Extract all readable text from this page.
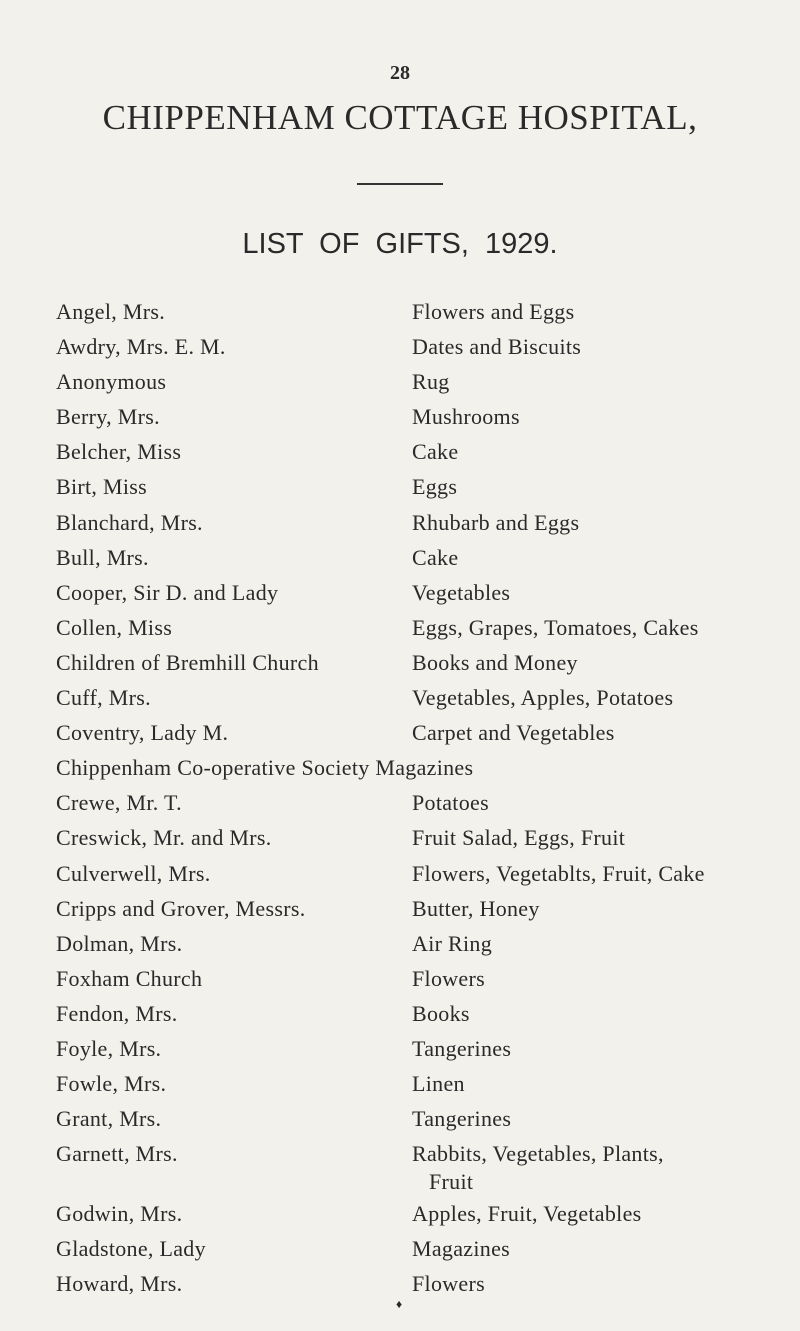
28
CHIPPENHAM COTTAGE HOSPITAL,
LIST OF GIFTS, 1929.
Angel, Mrs.	Flowers and Eggs
Awdry, Mrs. E. M.	Dates and Biscuits
Anonymous	Rug
Berry, Mrs.	Mushrooms
Belcher, Miss	Cake
Birt, Miss	Eggs
Blanchard, Mrs.	Rhubarb and Eggs
Bull, Mrs.	Cake
Cooper, Sir D. and Lady	Vegetables
Collen, Miss	Eggs, Grapes, Tomatoes, Cakes
Children of Bremhill Church	Books and Money
Cuff, Mrs.	Vegetables, Apples, Potatoes
Coventry, Lady M.	Carpet and Vegetables
Chippenham Co-operative Society Magazines
Crewe, Mr. T.	Potatoes
Creswick, Mr. and Mrs.	Fruit Salad, Eggs, Fruit
Culverwell, Mrs.	Flowers, Vegetablts, Fruit, Cake
Cripps and Grover, Messrs.	Butter, Honey
Dolman, Mrs.	Air Ring
Foxham Church	Flowers
Fendon, Mrs.	Books
Foyle, Mrs.	Tangerines
Fowle, Mrs.	Linen
Grant, Mrs.	Tangerines
Garnett, Mrs.	Rabbits, Vegetables, Plants,
Fruit
Godwin, Mrs.	Apples, Fruit, Vegetables
Gladstone, Lady	Magazines
Howard, Mrs.	Flowers
♦
